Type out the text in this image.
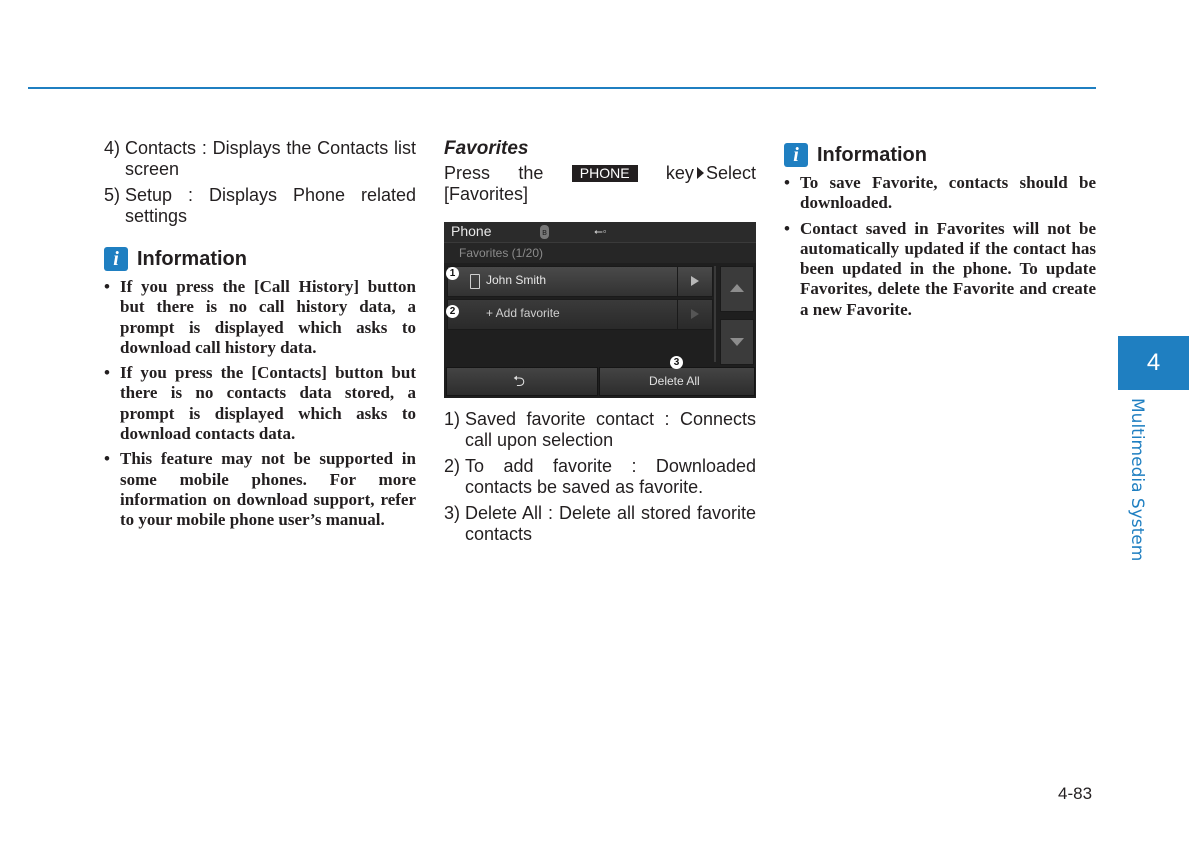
4) Contacts : Displays the Contacts list screen
5) Setup : Displays Phone related settings
i Information
• If you press the [Call History] button but there is no call history data, a prompt is displayed which asks to download call history data.
• If you press the [Contacts] button but there is no contacts data stored, a prompt is displayed which asks to download contacts data.
• This feature may not be supported in some mobile phones. For more information on download support, refer to your mobile phone user’s manual.
Favorites
Press the	PHONE	key Select
[Favorites]
Phone	ʙ	⭠◦
Favorites (1/20)
John Smith
+ Add favorite
⮌	Delete All
1
2
3
1) Saved favorite contact : Connects call upon selection
2) To add favorite : Downloaded contacts be saved as favorite.
3) Delete All : Delete all stored favorite contacts
i Information
• To save Favorite, contacts should be downloaded.
• Contact saved in Favorites will not be automatically updated if the contact has been updated in the phone. To update Favorites, delete the Favorite and create a new Favorite.
4
Multimedia System
4-83
